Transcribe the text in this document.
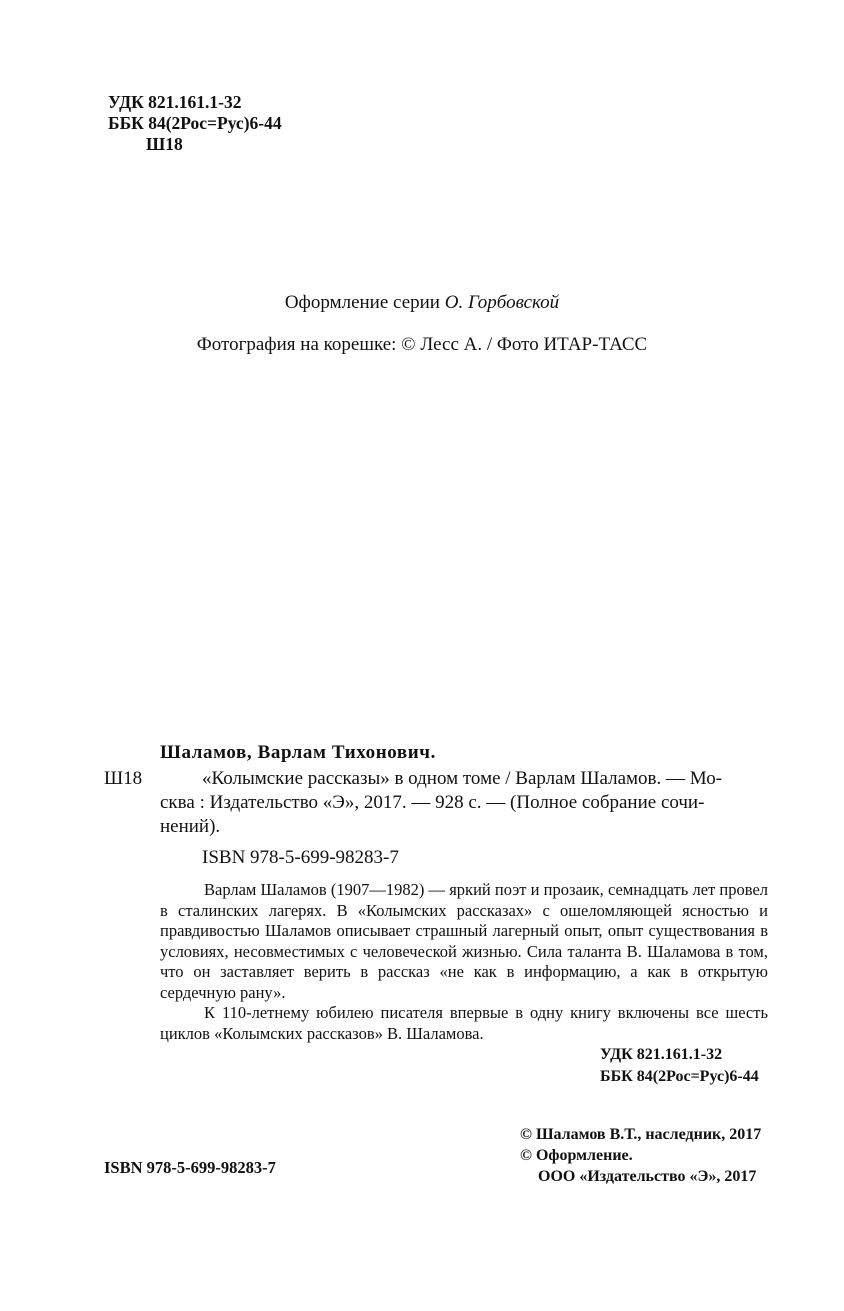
УДК 821.161.1-32
ББК 84(2Рос=Рус)6-44
Ш18
Оформление серии О. Горбовской
Фотография на корешке: © Лесс А. / Фото ИТАР-ТАСС
Шаламов, Варлам Тихонович.
Ш18	«Колымские рассказы» в одном томе / Варлам Шаламов. — Мо-
сква : Издательство «Э», 2017. — 928 с. — (Полное собрание сочи-
нений).
ISBN 978-5-699-98283-7

Варлам Шаламов (1907—1982) — яркий поэт и прозаик, семнадцать лет провел в сталинских лагерях. В «Колымских рассказах» с ошеломляющей ясностью и правдивостью Шаламов описывает страшный лагерный опыт, опыт существования в условиях, несовместимых с человеческой жизнью. Сила таланта В. Шаламова в том, что он заставляет верить в рассказ «не как в информацию, а как в открытую сердечную рану».

К 110-летнему юбилею писателя впервые в одну книгу включены все шесть циклов «Колымских рассказов» В. Шаламова.

УДК 821.161.1-32
ББК 84(2Рос=Рус)6-44
© Шаламов В.Т., наследник, 2017
© Оформление.
ООО «Издательство «Э», 2017
ISBN 978-5-699-98283-7
